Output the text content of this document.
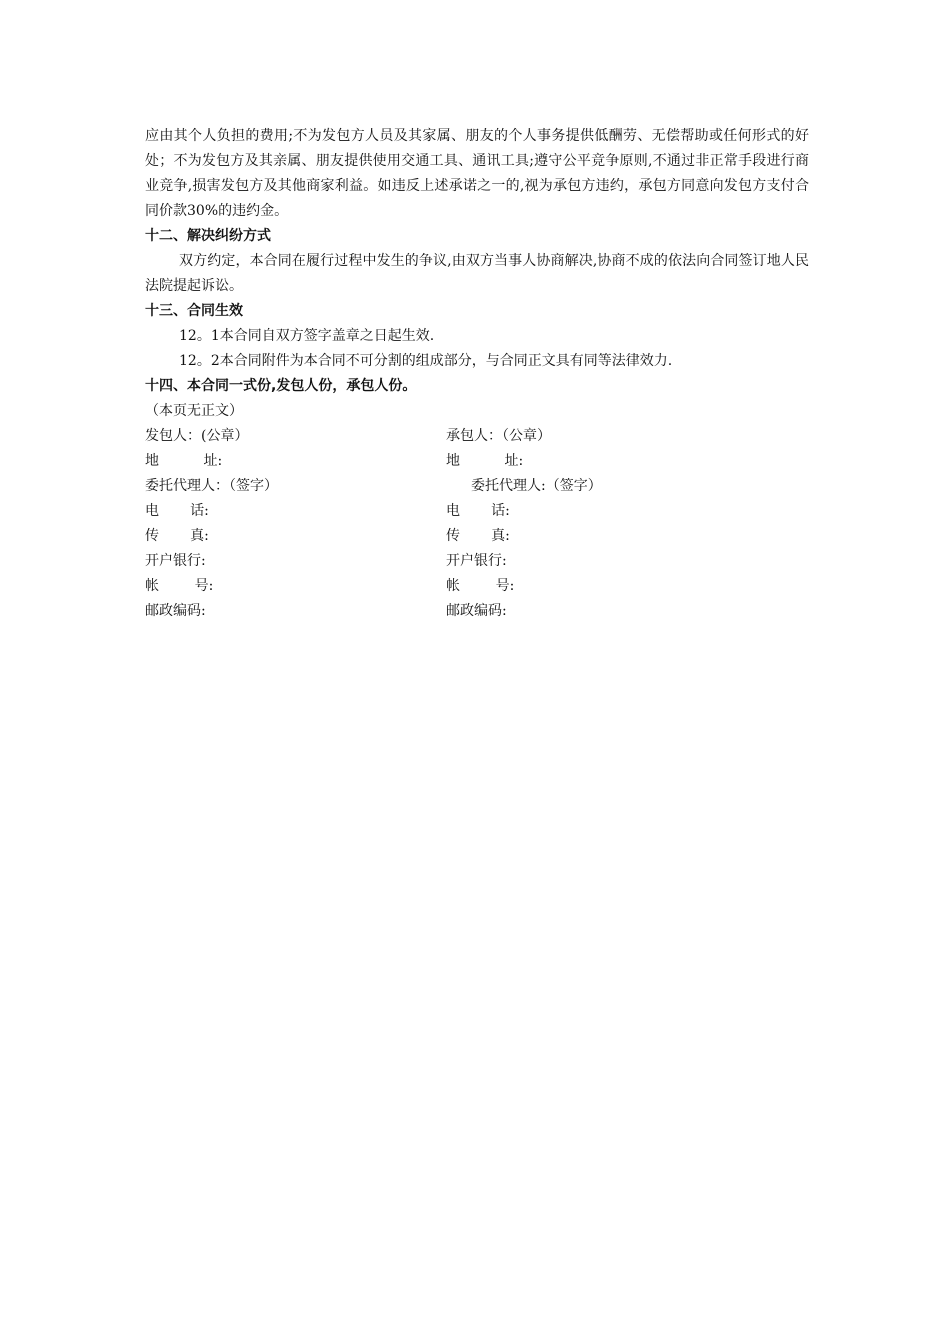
应由其个人负担的费用;不为发包方人员及其家属、朋友的个人事务提供低酬劳、无偿帮助或任何形式的好处；不为发包方及其亲属、朋友提供使用交通工具、通讯工具;遵守公平竞争原则,不通过非正常手段进行商业竞争,损害发包方及其他商家利益。如违反上述承诺之一的,视为承包方违约，承包方同意向发包方支付合同价款30%的违约金。

十二、解决纠纷方式

双方约定，本合同在履行过程中发生的争议,由双方当事人协商解决,协商不成的依法向合同签订地人民法院提起诉讼。

十三、合同生效

12。1本合同自双方签字盖章之日起生效.

12。2本合同附件为本合同不可分割的组成部分，与合同正文具有同等法律效力.

十四、本合同一式份,发包人份，承包人份。

（本页无正文）

发包人：(公章）	承包人：（公章）
地          址:	地          址:
委托代理人：（签字）	委托代理人:（签字）
电       话:	电       话:
传       真:	传       真:
开户银行:	开户银行:
帐        号:	帐        号:
邮政编码:	邮政编码:
